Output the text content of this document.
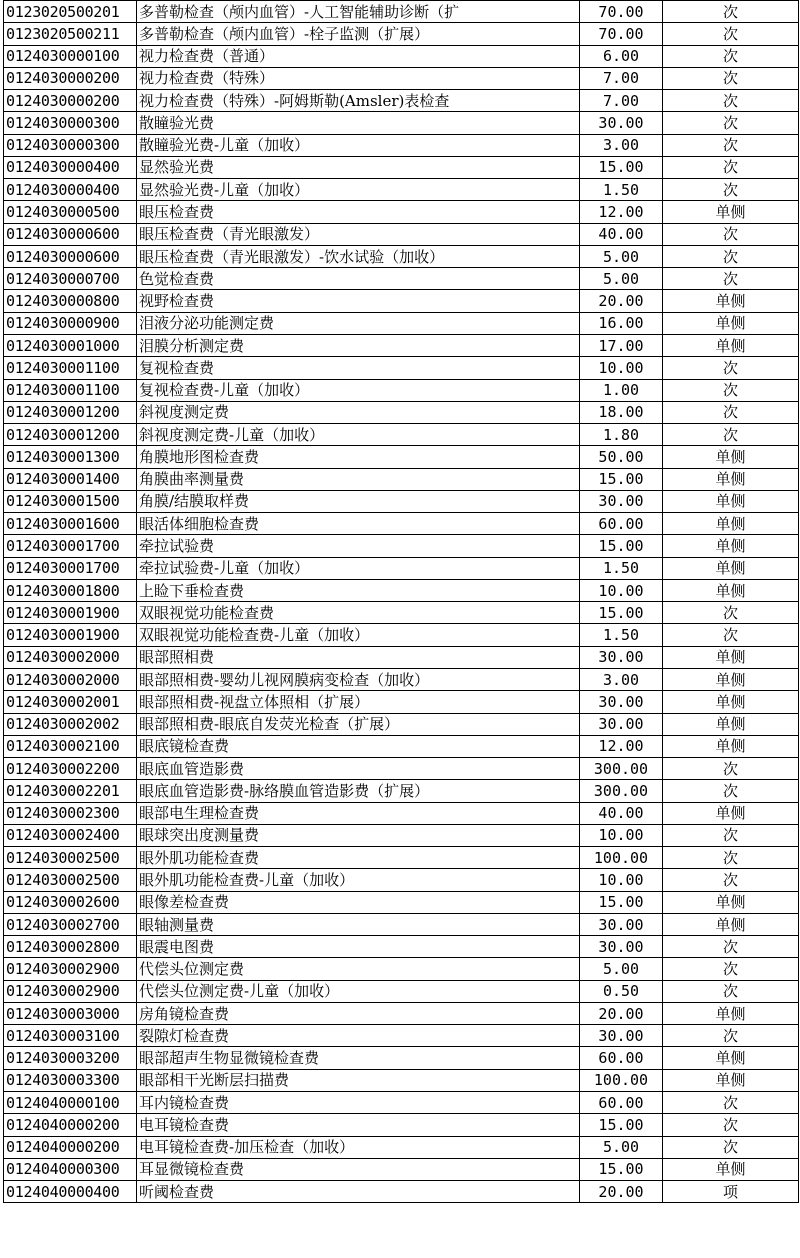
0123020500201	多普勒检查（颅内血管）-人工智能辅助诊断（扩	70.00	次
0123020500211	多普勒检查（颅内血管）-栓子监测（扩展）	70.00	次
0124030000100	视力检查费（普通）	6.00	次
0124030000200	视力检查费（特殊）	7.00	次
0124030000200	视力检查费（特殊）-阿姆斯勒(Amsler)表检查	7.00	次
0124030000300	散瞳验光费	30.00	次
0124030000300	散瞳验光费-儿童（加收）	3.00	次
0124030000400	显然验光费	15.00	次
0124030000400	显然验光费-儿童（加收）	1.50	次
0124030000500	眼压检查费	12.00	单侧
0124030000600	眼压检查费（青光眼激发）	40.00	次
0124030000600	眼压检查费（青光眼激发）-饮水试验（加收）	5.00	次
0124030000700	色觉检查费	5.00	次
0124030000800	视野检查费	20.00	单侧
0124030000900	泪液分泌功能测定费	16.00	单侧
0124030001000	泪膜分析测定费	17.00	单侧
0124030001100	复视检查费	10.00	次
0124030001100	复视检查费-儿童（加收）	1.00	次
0124030001200	斜视度测定费	18.00	次
0124030001200	斜视度测定费-儿童（加收）	1.80	次
0124030001300	角膜地形图检查费	50.00	单侧
0124030001400	角膜曲率测量费	15.00	单侧
0124030001500	角膜/结膜取样费	30.00	单侧
0124030001600	眼活体细胞检查费	60.00	单侧
0124030001700	牵拉试验费	15.00	单侧
0124030001700	牵拉试验费-儿童（加收）	1.50	单侧
0124030001800	上睑下垂检查费	10.00	单侧
0124030001900	双眼视觉功能检查费	15.00	次
0124030001900	双眼视觉功能检查费-儿童（加收）	1.50	次
0124030002000	眼部照相费	30.00	单侧
0124030002000	眼部照相费-婴幼儿视网膜病变检查（加收）	3.00	单侧
0124030002001	眼部照相费-视盘立体照相（扩展）	30.00	单侧
0124030002002	眼部照相费-眼底自发荧光检查（扩展）	30.00	单侧
0124030002100	眼底镜检查费	12.00	单侧
0124030002200	眼底血管造影费	300.00	次
0124030002201	眼底血管造影费-脉络膜血管造影费（扩展）	300.00	次
0124030002300	眼部电生理检查费	40.00	单侧
0124030002400	眼球突出度测量费	10.00	次
0124030002500	眼外肌功能检查费	100.00	次
0124030002500	眼外肌功能检查费-儿童（加收）	10.00	次
0124030002600	眼像差检查费	15.00	单侧
0124030002700	眼轴测量费	30.00	单侧
0124030002800	眼震电图费	30.00	次
0124030002900	代偿头位测定费	5.00	次
0124030002900	代偿头位测定费-儿童（加收）	0.50	次
0124030003000	房角镜检查费	20.00	单侧
0124030003100	裂隙灯检查费	30.00	次
0124030003200	眼部超声生物显微镜检查费	60.00	单侧
0124030003300	眼部相干光断层扫描费	100.00	单侧
0124040000100	耳内镜检查费	60.00	次
0124040000200	电耳镜检查费	15.00	次
0124040000200	电耳镜检查费-加压检查（加收）	5.00	次
0124040000300	耳显微镜检查费	15.00	单侧
0124040000400	听阈检查费	20.00	项
